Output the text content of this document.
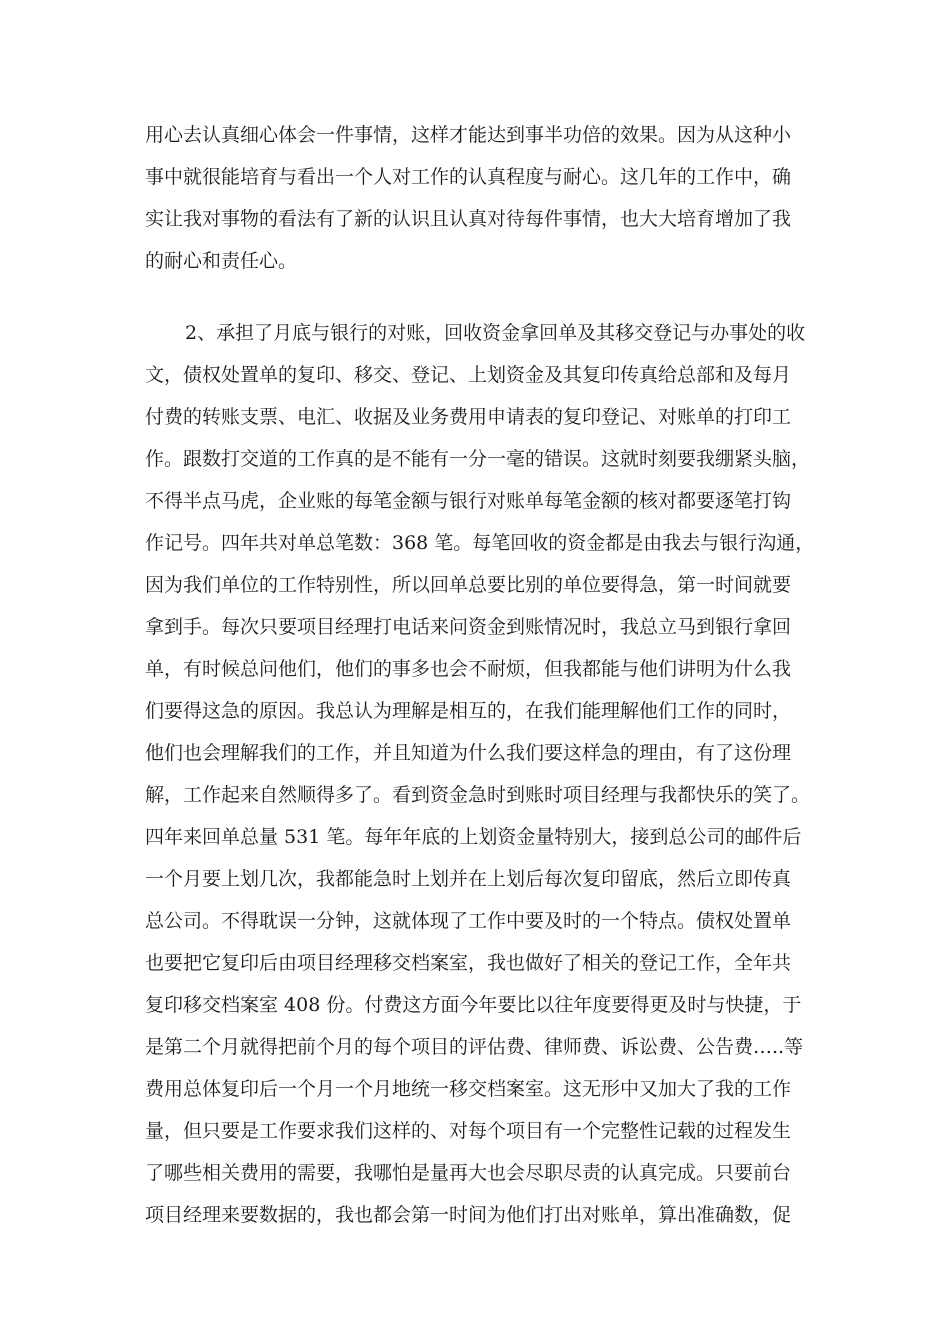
用心去认真细心体会一件事情，这样才能达到事半功倍的效果。因为从这种小
事中就很能培育与看出一个人对工作的认真程度与耐心。这几年的工作中，确
实让我对事物的看法有了新的认识且认真对待每件事情，也大大培育增加了我
的耐心和责任心。
2、承担了月底与银行的对账，回收资金拿回单及其移交登记与办事处的收
文，债权处置单的复印、移交、登记、上划资金及其复印传真给总部和及每月
付费的转账支票、电汇、收据及业务费用申请表的复印登记、对账单的打印工
作。跟数打交道的工作真的是不能有一分一毫的错误。这就时刻要我绷紧头脑，
不得半点马虎，企业账的每笔金额与银行对账单每笔金额的核对都要逐笔打钩
作记号。四年共对单总笔数：368 笔。每笔回收的资金都是由我去与银行沟通，
因为我们单位的工作特别性，所以回单总要比别的单位要得急，第一时间就要
拿到手。每次只要项目经理打电话来问资金到账情况时，我总立马到银行拿回
单，有时候总问他们，他们的事多也会不耐烦，但我都能与他们讲明为什么我
们要得这急的原因。我总认为理解是相互的，在我们能理解他们工作的同时，
他们也会理解我们的工作，并且知道为什么我们要这样急的理由，有了这份理
解，工作起来自然顺得多了。看到资金急时到账时项目经理与我都快乐的笑了。
四年来回单总量 531 笔。每年年底的上划资金量特别大，接到总公司的邮件后
一个月要上划几次，我都能急时上划并在上划后每次复印留底，然后立即传真
总公司。不得耽误一分钟，这就体现了工作中要及时的一个特点。债权处置单
也要把它复印后由项目经理移交档案室，我也做好了相关的登记工作，全年共
复印移交档案室 408 份。付费这方面今年要比以往年度要得更及时与快捷，于
是第二个月就得把前个月的每个项目的评估费、律师费、诉讼费、公告费…..等
费用总体复印后一个月一个月地统一移交档案室。这无形中又加大了我的工作
量，但只要是工作要求我们这样的、对每个项目有一个完整性记载的过程发生
了哪些相关费用的需要，我哪怕是量再大也会尽职尽责的认真完成。只要前台
项目经理来要数据的，我也都会第一时间为他们打出对账单，算出准确数，促
